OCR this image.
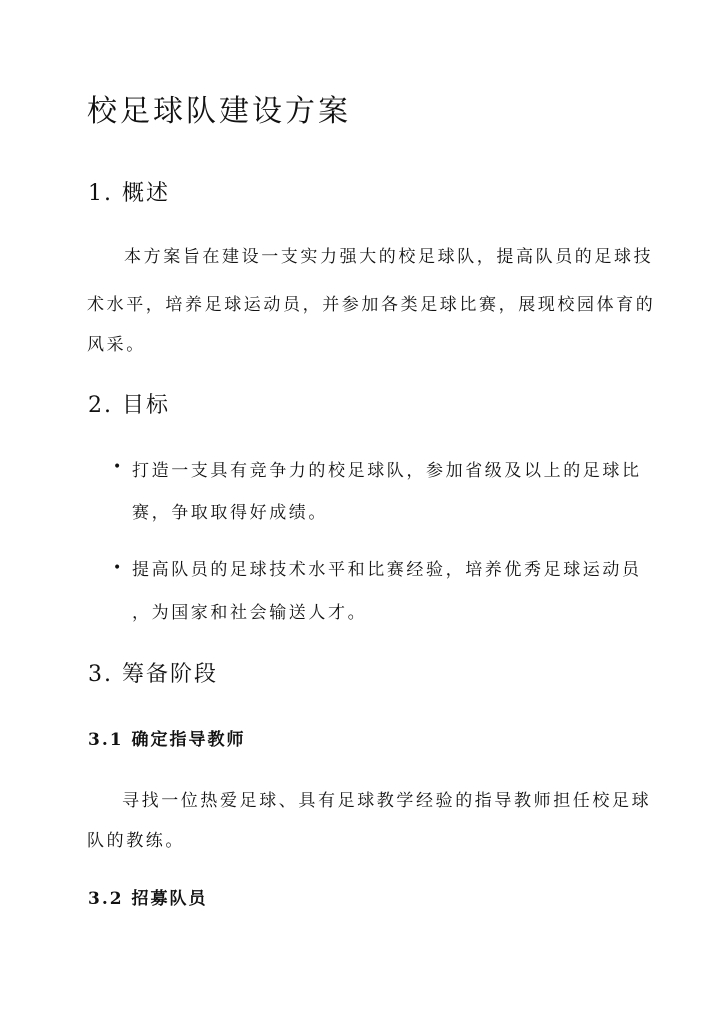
校足球队建设方案
1. 概述

本方案旨在建设一支实力强大的校足球队，提高队员的足球技

术水平，培养足球运动员，并参加各类足球比赛，展现校园体育的

风采。

2. 目标
• 打造一支具有竞争力的校足球队，参加省级及以上的足球比

赛，争取取得好成绩。

• 提高队员的足球技术水平和比赛经验，培养优秀足球运动员

，为国家和社会输送人才。

3. 筹备阶段
3.1 确定指导教师

寻找一位热爱足球、具有足球教学经验的指导教师担任校足球

队的教练。

3.2 招募队员
